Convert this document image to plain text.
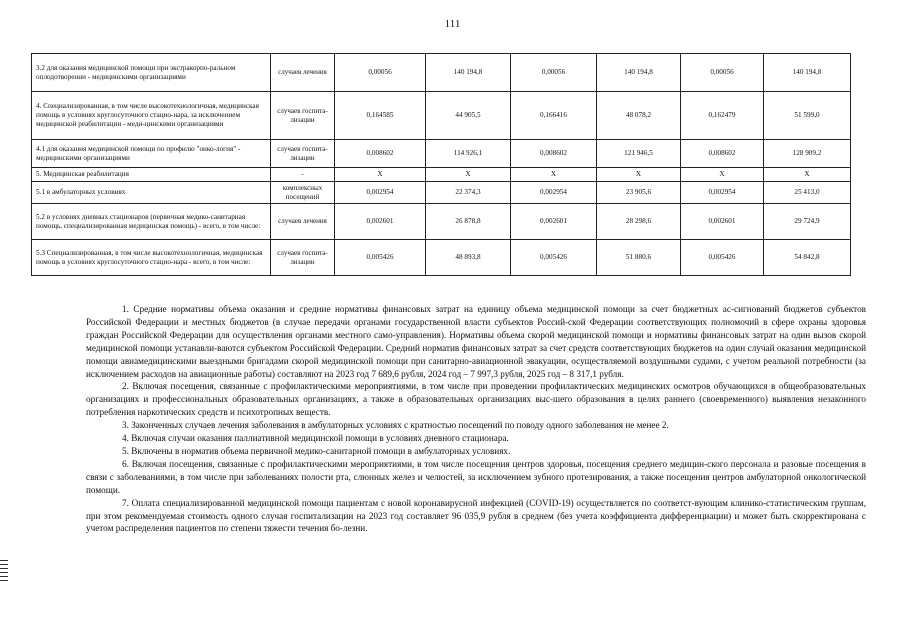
111
3.2 для оказания медицинской помощи при экстракорпо-ральном оплодотворении - медицинскими организациями	случаев лечения	0,00056	140 194,8	0,00056	140 194,8	0,00056	140 194,8
4. Специализированная, в том числе высокотехнологичная, медицинская помощь в условиях круглосуточного стацио-нара, за исключением медицинской реабилитации - меди-цинскими организациями	случаев госпита-лизации	0,164585	44 905,5	0,166416	48 078,2	0,162479	51 599,0
4.1 для оказания медицинской помощи по профилю "онко-логия" - медицинскими организациями	случаев госпита-лизации	0,008602	114 926,1	0,008602	121 946,5	0,008602	128 909,2
5. Медицинская реабилитация	-	X	X	X	X	X	X
5.1 в амбулаторных условиях	комплексных посещений	0,002954	22 374,3	0,002954	23 905,6	0,002954	25 413,0
5.2 в условиях дневных стационаров (первичная медико-санитарная помощь, специализированная медицинская помощь) - всего, в том числе:	случаев лечения	0,002601	26 878,8	0,002601	28 298,6	0,002601	29 724,9
5.3 Специализированная, в том числе высокотехнологичная, медицинская помощь в условиях круглосуточного стацио-нара - всего, в том числе:	случаев госпита-лизации	0,005426	48 893,8	0,005426	51 880,6	0,005426	54 842,8

1. Средние нормативы объема оказания и средние нормативы финансовых затрат на единицу объема медицинской помощи за счет бюджетных ас-сигнований бюджетов субъектов Российской Федерации и местных бюджетов (в случае передачи органами государственной власти субъектов Россий-ской Федерации соответствующих полномочий в сфере охраны здоровья граждан Российской Федерации для осуществления органами местного само-управления). Нормативы объема скорой медицинской помощи и нормативы финансовых затрат на один вызов скорой медицинской помощи устанавли-ваются субъектом Российской Федерации. Средний норматив финансовых затрат за счет средств соответствующих бюджетов на один случай оказания медицинской помощи авиамедицинскими выездными бригадами скорой медицинской помощи при санитарно-авиационной эвакуации, осуществляемой воздушными судами, с учетом реальной потребности (за исключением расходов на авиационные работы) составляют на 2023 год 7 689,6 рубля, 2024 год – 7 997,3 рубля, 2025 год – 8 317,1 рубля.

2. Включая посещения, связанные с профилактическими мероприятиями, в том числе при проведении профилактических медицинских осмотров обучающихся в общеобразовательных организациях и профессиональных образовательных организациях, а также в образовательных организациях выс-шего образования в целях раннего (своевременного) выявления незаконного потребления наркотических средств и психотропных веществ.

3. Законченных случаев лечения заболевания в амбулаторных условиях с кратностью посещений по поводу одного заболевания не менее 2.

4. Включая случаи оказания паллиативной медицинской помощи в условиях дневного стационара.

5. Включены в норматив объема первичной медико-санитарной помощи в амбулаторных условиях.

6. Включая посещения, связанные с профилактическими мероприятиями, в том числе посещения центров здоровья, посещения среднего медицин-ского персонала и разовые посещения в связи с заболеваниями, в том числе при заболеваниях полости рта, слюнных желез и челюстей, за исключением зубного протезирования, а также посещения центров амбулаторной онкологической помощи.

7. Оплата специализированной медицинской помощи пациентам с новой коронавирусной инфекцией (COVID-19) осуществляется по соответст-вующим клинико-статистическим группам, при этом рекомендуемая стоимость одного случая госпитализации на 2023 год составляет 96 035,9 рубля в среднем (без учета коэффициента дифференциации) и может быть скорректирована с учетом распределения пациентов по степени тяжести течения бо-лезни.
